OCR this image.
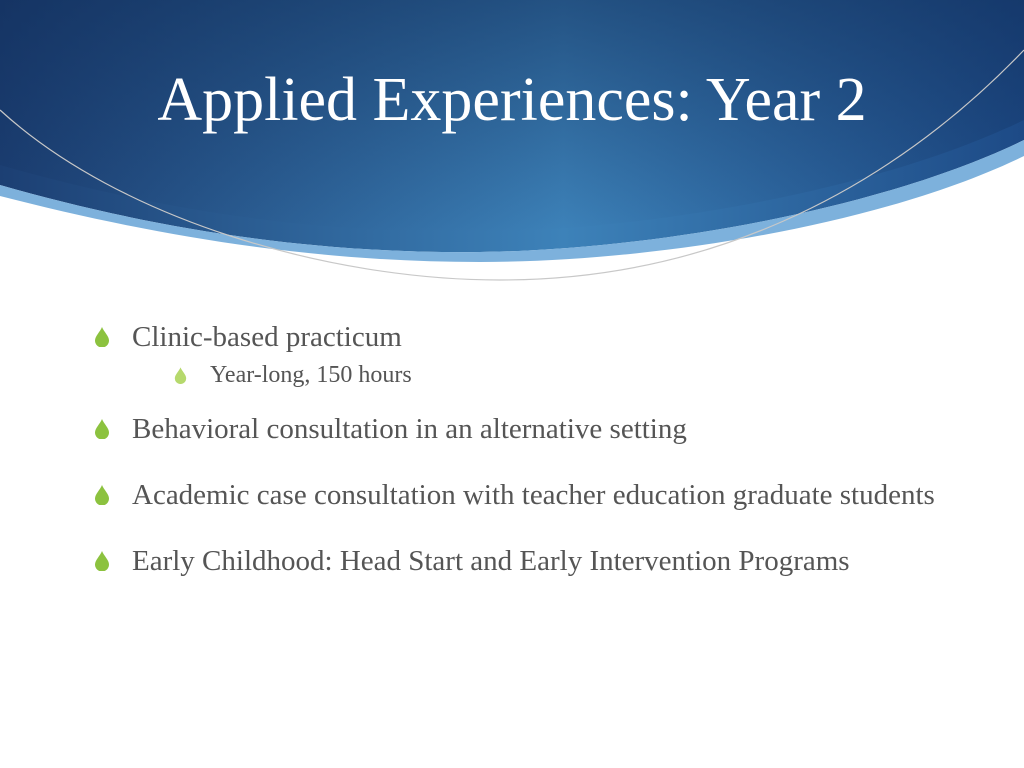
Applied Experiences: Year 2
Clinic-based practicum
Year-long, 150 hours
Behavioral consultation in an alternative setting
Academic case consultation with teacher education graduate students
Early Childhood: Head Start and Early Intervention Programs
